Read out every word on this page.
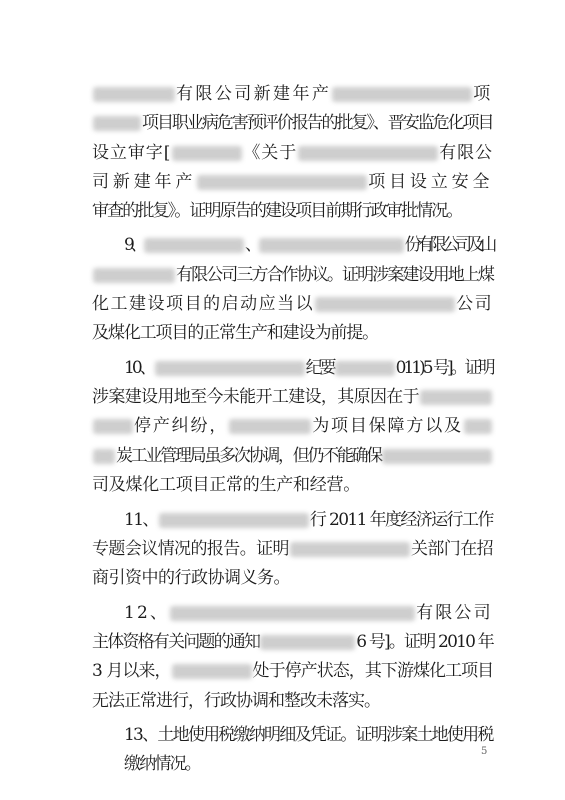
有限公司新建年产	项
项目职业病危害预评价报告的批复》、晋安监危化项目
设立审字[	《关于	有限公
司新建年产	项目设立安全
审查的批复》。证明原告的建设项目前期行政审批情况。
9、	、	份有限公司及山
有限公司三方合作协议。证明涉案建设用地上煤
化工建设项目的启动应当以	公司
及煤化工项目的正常生产和建设为前提。
10、	纪要	011)5 号]。证明
涉案建设用地至今未能开工建设，其原因在于
停产纠纷，	为项目保障方以及
炭工业管理局虽多次协调，但仍不能确保
司及煤化工项目正常的生产和经营。
11、	行 2011 年度经济运行工作
专题会议情况的报告。证明	关部门在招
商引资中的行政协调义务。
12、	有限公司
主体资格有关问题的通知	6 号]。证明 2010 年
3 月以来，	处于停产状态，其下游煤化工项目
无法正常进行，行政协调和整改未落实。
13、土地使用税缴纳明细及凭证。证明涉案土地使用税
缴纳情况。
5
